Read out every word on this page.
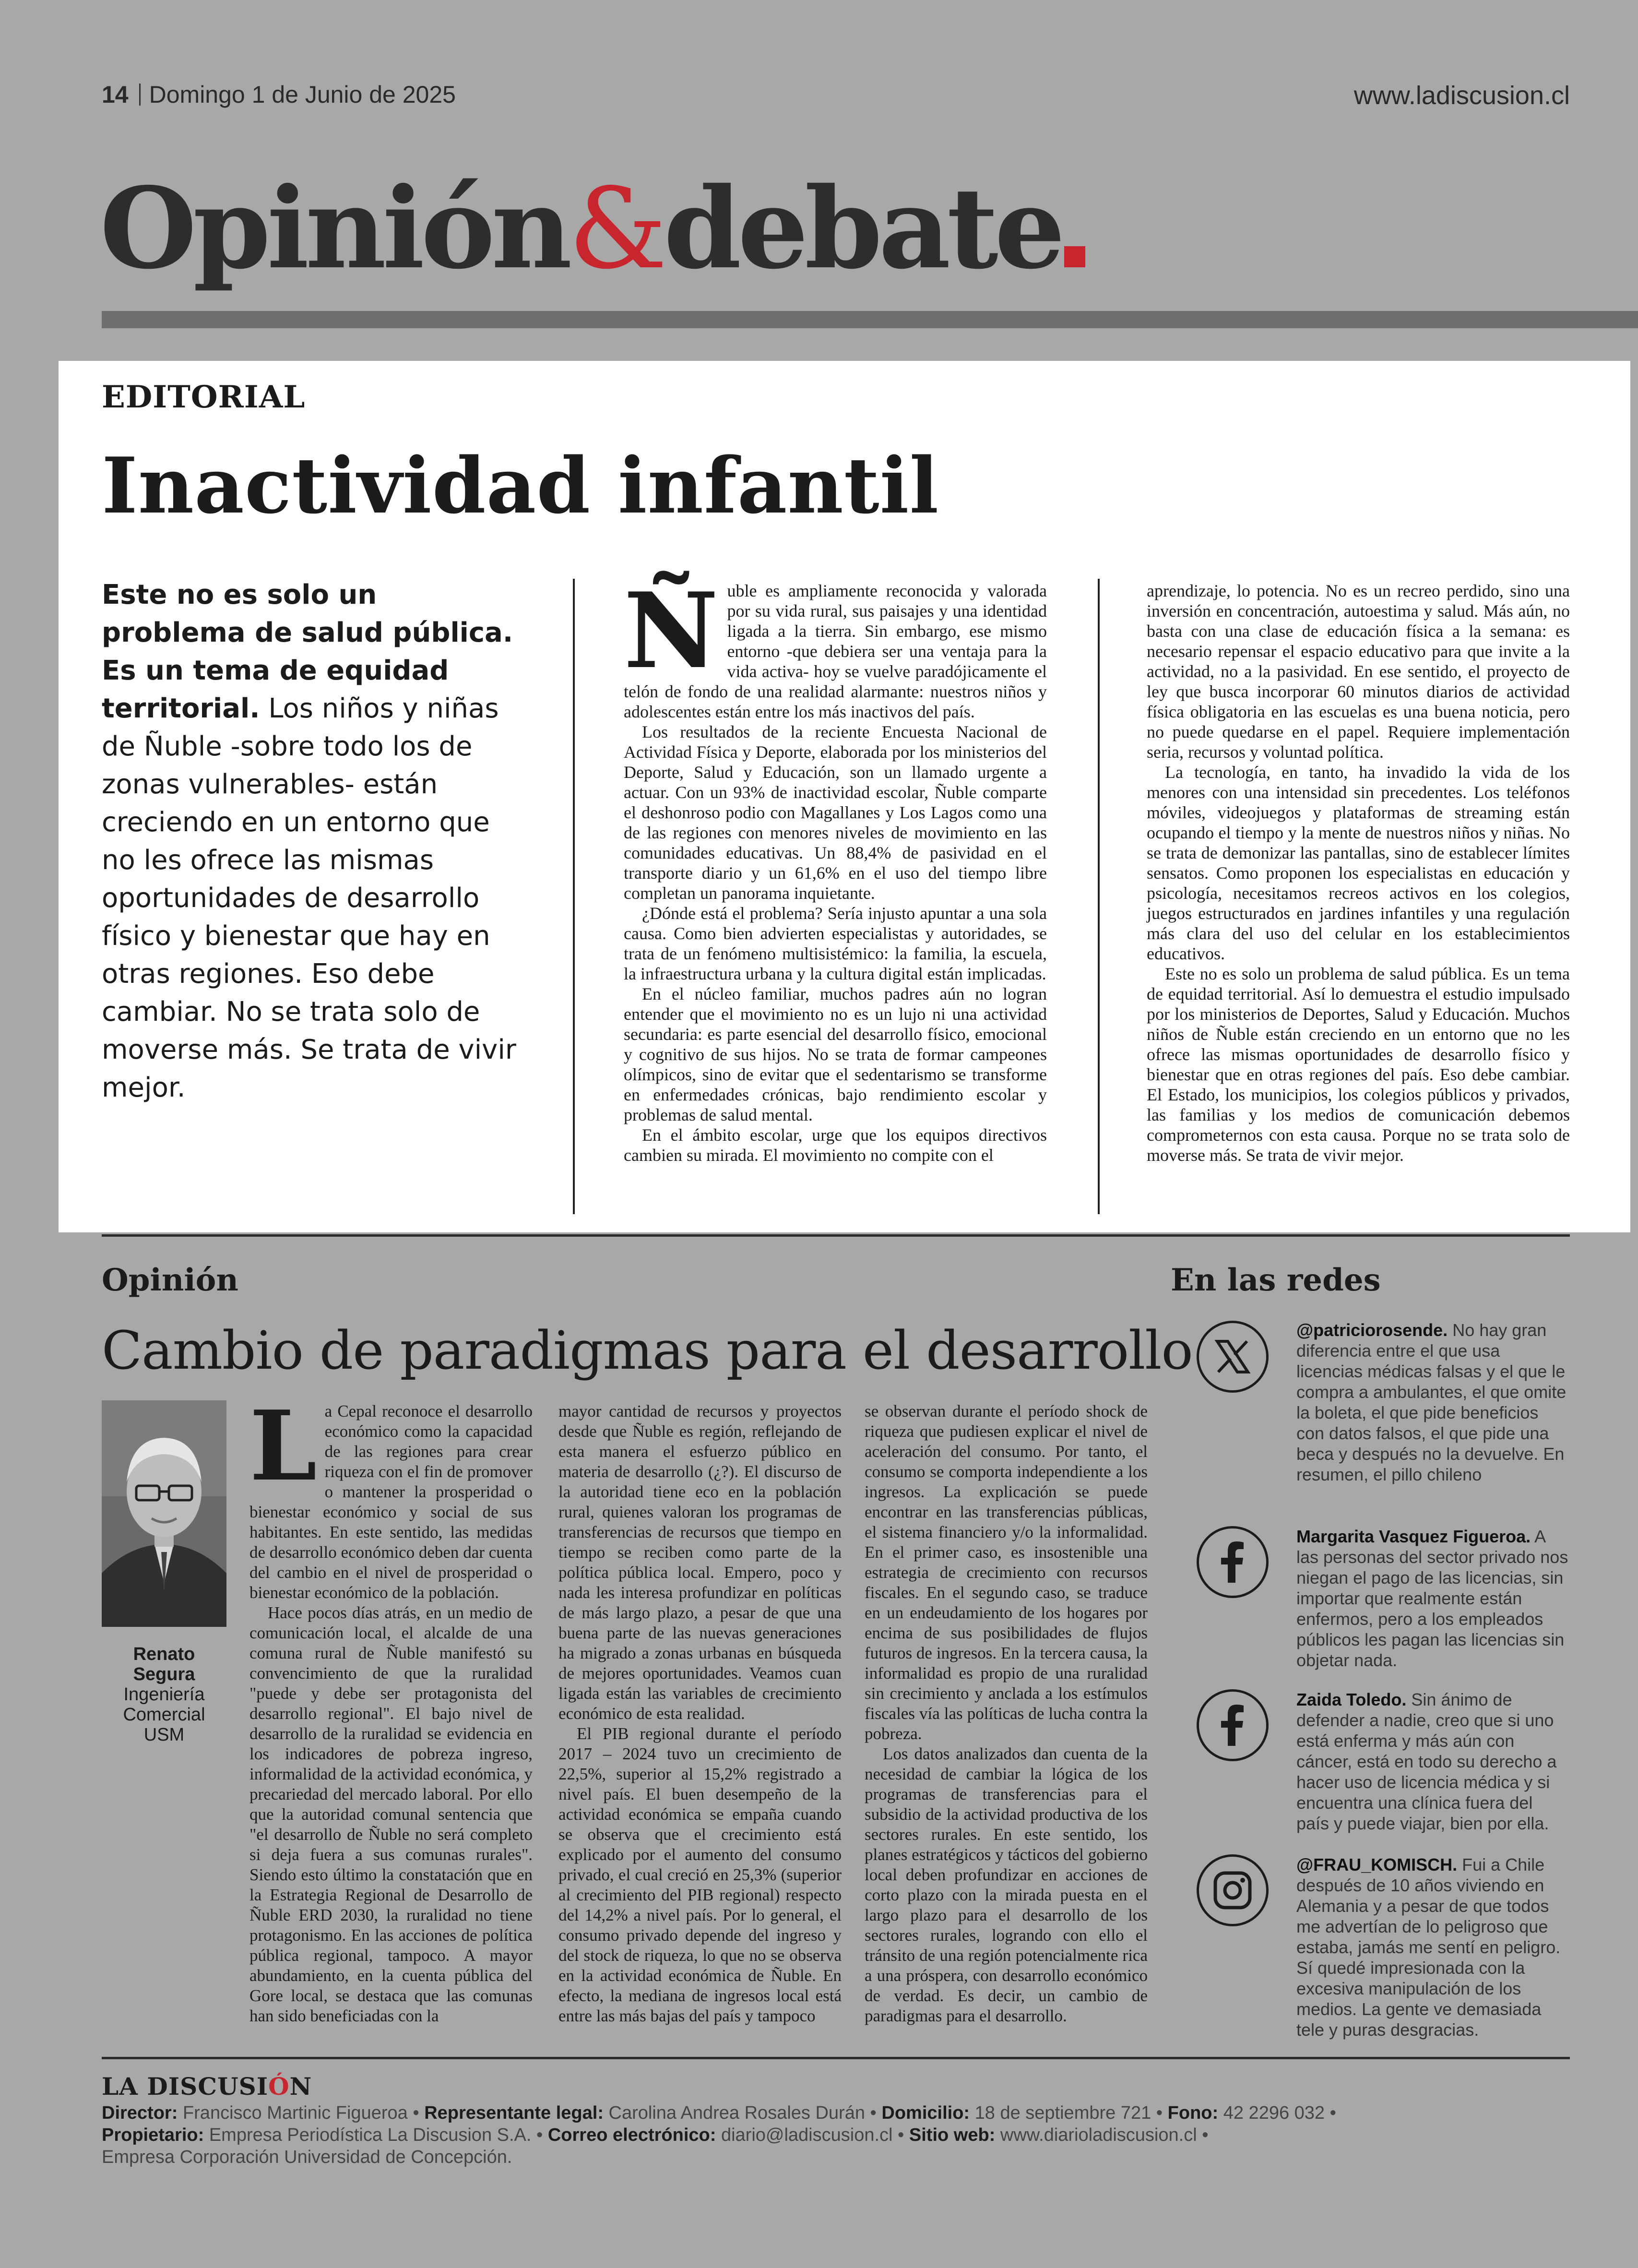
14 Domingo 1 de Junio de 2025	www.ladiscusion.cl
Opinión&debate
EDITORIAL
Inactividad infantil
Este no es solo un problema de salud pública. Es un tema de equidad territorial. Los niños y niñas de Ñuble -sobre todo los de zonas vulnerables- están creciendo en un entorno que no les ofrece las mismas oportunidades de desarrollo físico y bienestar que hay en otras regiones. Eso debe cambiar. No se trata solo de moverse más. Se trata de vivir mejor.
Ñ uble es ampliamente reconocida y valorada por su vida rural, sus paisajes y una identidad ligada a la tierra. Sin embargo, ese mismo entorno -que debiera ser una ventaja para la vida activa- hoy se vuelve paradójicamente el telón de fondo de una realidad alarmante: nuestros niños y adolescentes están entre los más inactivos del país.

Los resultados de la reciente Encuesta Nacional de Actividad Física y Deporte, elaborada por los ministerios del Deporte, Salud y Educación, son un llamado urgente a actuar. Con un 93% de inactividad escolar, Ñuble comparte el deshonroso podio con Magallanes y Los Lagos como una de las regiones con menores niveles de movimiento en las comunidades educativas. Un 88,4% de pasividad en el transporte diario y un 61,6% en el uso del tiempo libre completan un panorama inquietante.

¿Dónde está el problema? Sería injusto apuntar a una sola causa. Como bien advierten especialistas y autoridades, se trata de un fenómeno multisistémico: la familia, la escuela, la infraestructura urbana y la cultura digital están implicadas.

En el núcleo familiar, muchos padres aún no logran entender que el movimiento no es un lujo ni una actividad secundaria: es parte esencial del desarrollo físico, emocional y cognitivo de sus hijos. No se trata de formar campeones olímpicos, sino de evitar que el sedentarismo se transforme en enfermedades crónicas, bajo rendimiento escolar y problemas de salud mental.

En el ámbito escolar, urge que los equipos directivos cambien su mirada. El movimiento no compite con el

aprendizaje, lo potencia. No es un recreo perdido, sino una inversión en concentración, autoestima y salud. Más aún, no basta con una clase de educación física a la semana: es necesario repensar el espacio educativo para que invite a la actividad, no a la pasividad. En ese sentido, el proyecto de ley que busca incorporar 60 minutos diarios de actividad física obligatoria en las escuelas es una buena noticia, pero no puede quedarse en el papel. Requiere implementación seria, recursos y voluntad política.

La tecnología, en tanto, ha invadido la vida de los menores con una intensidad sin precedentes. Los teléfonos móviles, videojuegos y plataformas de streaming están ocupando el tiempo y la mente de nuestros niños y niñas. No se trata de demonizar las pantallas, sino de establecer límites sensatos. Como proponen los especialistas en educación y psicología, necesitamos recreos activos en los colegios, juegos estructurados en jardines infantiles y una regulación más clara del uso del celular en los establecimientos educativos.

Este no es solo un problema de salud pública. Es un tema de equidad territorial. Así lo demuestra el estudio impulsado por los ministerios de Deportes, Salud y Educación. Muchos niños de Ñuble están creciendo en un entorno que no les ofrece las mismas oportunidades de desarrollo físico y bienestar que en otras regiones del país. Eso debe cambiar. El Estado, los municipios, los colegios públicos y privados, las familias y los medios de comunicación debemos comprometernos con esta causa. Porque no se trata solo de moverse más. Se trata de vivir mejor.

Opinión
Cambio de paradigmas para el desarrollo
Renato
Segura
Ingeniería Comercial USM
L a Cepal reconoce el desarrollo económico como la capacidad de las regiones para crear riqueza con el fin de promover o mantener la prosperidad o bienestar económico y social de sus habitantes. En este sentido, las medidas de desarrollo económico deben dar cuenta del cambio en el nivel de prosperidad o bienestar económico de la población.

Hace pocos días atrás, en un medio de comunicación local, el alcalde de una comuna rural de Ñuble manifestó su convencimiento de que la ruralidad "puede y debe ser protagonista del desarrollo regional". El bajo nivel de desarrollo de la ruralidad se evidencia en los indicadores de pobreza ingreso, informalidad de la actividad económica, y precariedad del mercado laboral. Por ello que la autoridad comunal sentencia que "el desarrollo de Ñuble no será completo si deja fuera a sus comunas rurales". Siendo esto último la constatación que en la Estrategia Regional de Desarrollo de Ñuble ERD 2030, la ruralidad no tiene protagonismo. En las acciones de política pública regional, tampoco. A mayor abundamiento, en la cuenta pública del Gore local, se destaca que las comunas han sido beneficiadas con la

mayor cantidad de recursos y proyectos desde que Ñuble es región, reflejando de esta manera el esfuerzo público en materia de desarrollo (¿?). El discurso de la autoridad tiene eco en la población rural, quienes valoran los programas de transferencias de recursos que tiempo en tiempo se reciben como parte de la política pública local. Empero, poco y nada les interesa profundizar en políticas de más largo plazo, a pesar de que una buena parte de las nuevas generaciones ha migrado a zonas urbanas en búsqueda de mejores oportunidades. Veamos cuan ligada están las variables de crecimiento económico de esta realidad.

El PIB regional durante el período 2017 – 2024 tuvo un crecimiento de 22,5%, superior al 15,2% registrado a nivel país. El buen desempeño de la actividad económica se empaña cuando se observa que el crecimiento está explicado por el aumento del consumo privado, el cual creció en 25,3% (superior al crecimiento del PIB regional) respecto del 14,2% a nivel país. Por lo general, el consumo privado depende del ingreso y del stock de riqueza, lo que no se observa en la actividad económica de Ñuble. En efecto, la mediana de ingresos local está entre las más bajas del país y tampoco

se observan durante el período shock de riqueza que pudiesen explicar el nivel de aceleración del consumo. Por tanto, el consumo se comporta independiente a los ingresos. La explicación se puede encontrar en las transferencias públicas, el sistema financiero y/o la informalidad. En el primer caso, es insostenible una estrategia de crecimiento con recursos fiscales. En el segundo caso, se traduce en un endeudamiento de los hogares por encima de sus posibilidades de flujos futuros de ingresos. En la tercera causa, la informalidad es propio de una ruralidad sin crecimiento y anclada a los estímulos fiscales vía las políticas de lucha contra la pobreza.

Los datos analizados dan cuenta de la necesidad de cambiar la lógica de los programas de transferencias para el subsidio de la actividad productiva de los sectores rurales. En este sentido, los planes estratégicos y tácticos del gobierno local deben profundizar en acciones de corto plazo con la mirada puesta en el largo plazo para el desarrollo de los sectores rurales, logrando con ello el tránsito de una región potencialmente rica a una próspera, con desarrollo económico de verdad. Es decir, un cambio de paradigmas para el desarrollo.

En las redes
@patriciorosende. No hay gran diferencia entre el que usa licencias médicas falsas y el que le compra a ambulantes, el que omite la boleta, el que pide beneficios con datos falsos, el que pide una beca y después no la devuelve. En resumen, el pillo chileno
Margarita Vasquez Figueroa. A las personas del sector privado nos niegan el pago de las licencias, sin importar que realmente están enfermos, pero a los empleados públicos les pagan las licencias sin objetar nada.
Zaida Toledo. Sin ánimo de defender a nadie, creo que si uno está enferma y más aún con cáncer, está en todo su derecho a hacer uso de licencia médica y si encuentra una clínica fuera del país y puede viajar, bien por ella.
@FRAU_KOMISCH. Fui a Chile después de 10 años viviendo en Alemania y a pesar de que todos me advertían de lo peligroso que estaba, jamás me sentí en peligro. Sí quedé impresionada con la excesiva manipulación de los medios. La gente ve demasiada tele y puras desgracias.
LA DISCUSIÓN
Director: Francisco Martinic Figueroa • Representante legal: Carolina Andrea Rosales Durán • Domicilio: 18 de septiembre 721 • Fono: 42 2296 032 •
Propietario: Empresa Periodística La Discusion S.A. • Correo electrónico: diario@ladiscusion.cl • Sitio web: www.diarioladiscusion.cl •
Empresa Corporación Universidad de Concepción.
